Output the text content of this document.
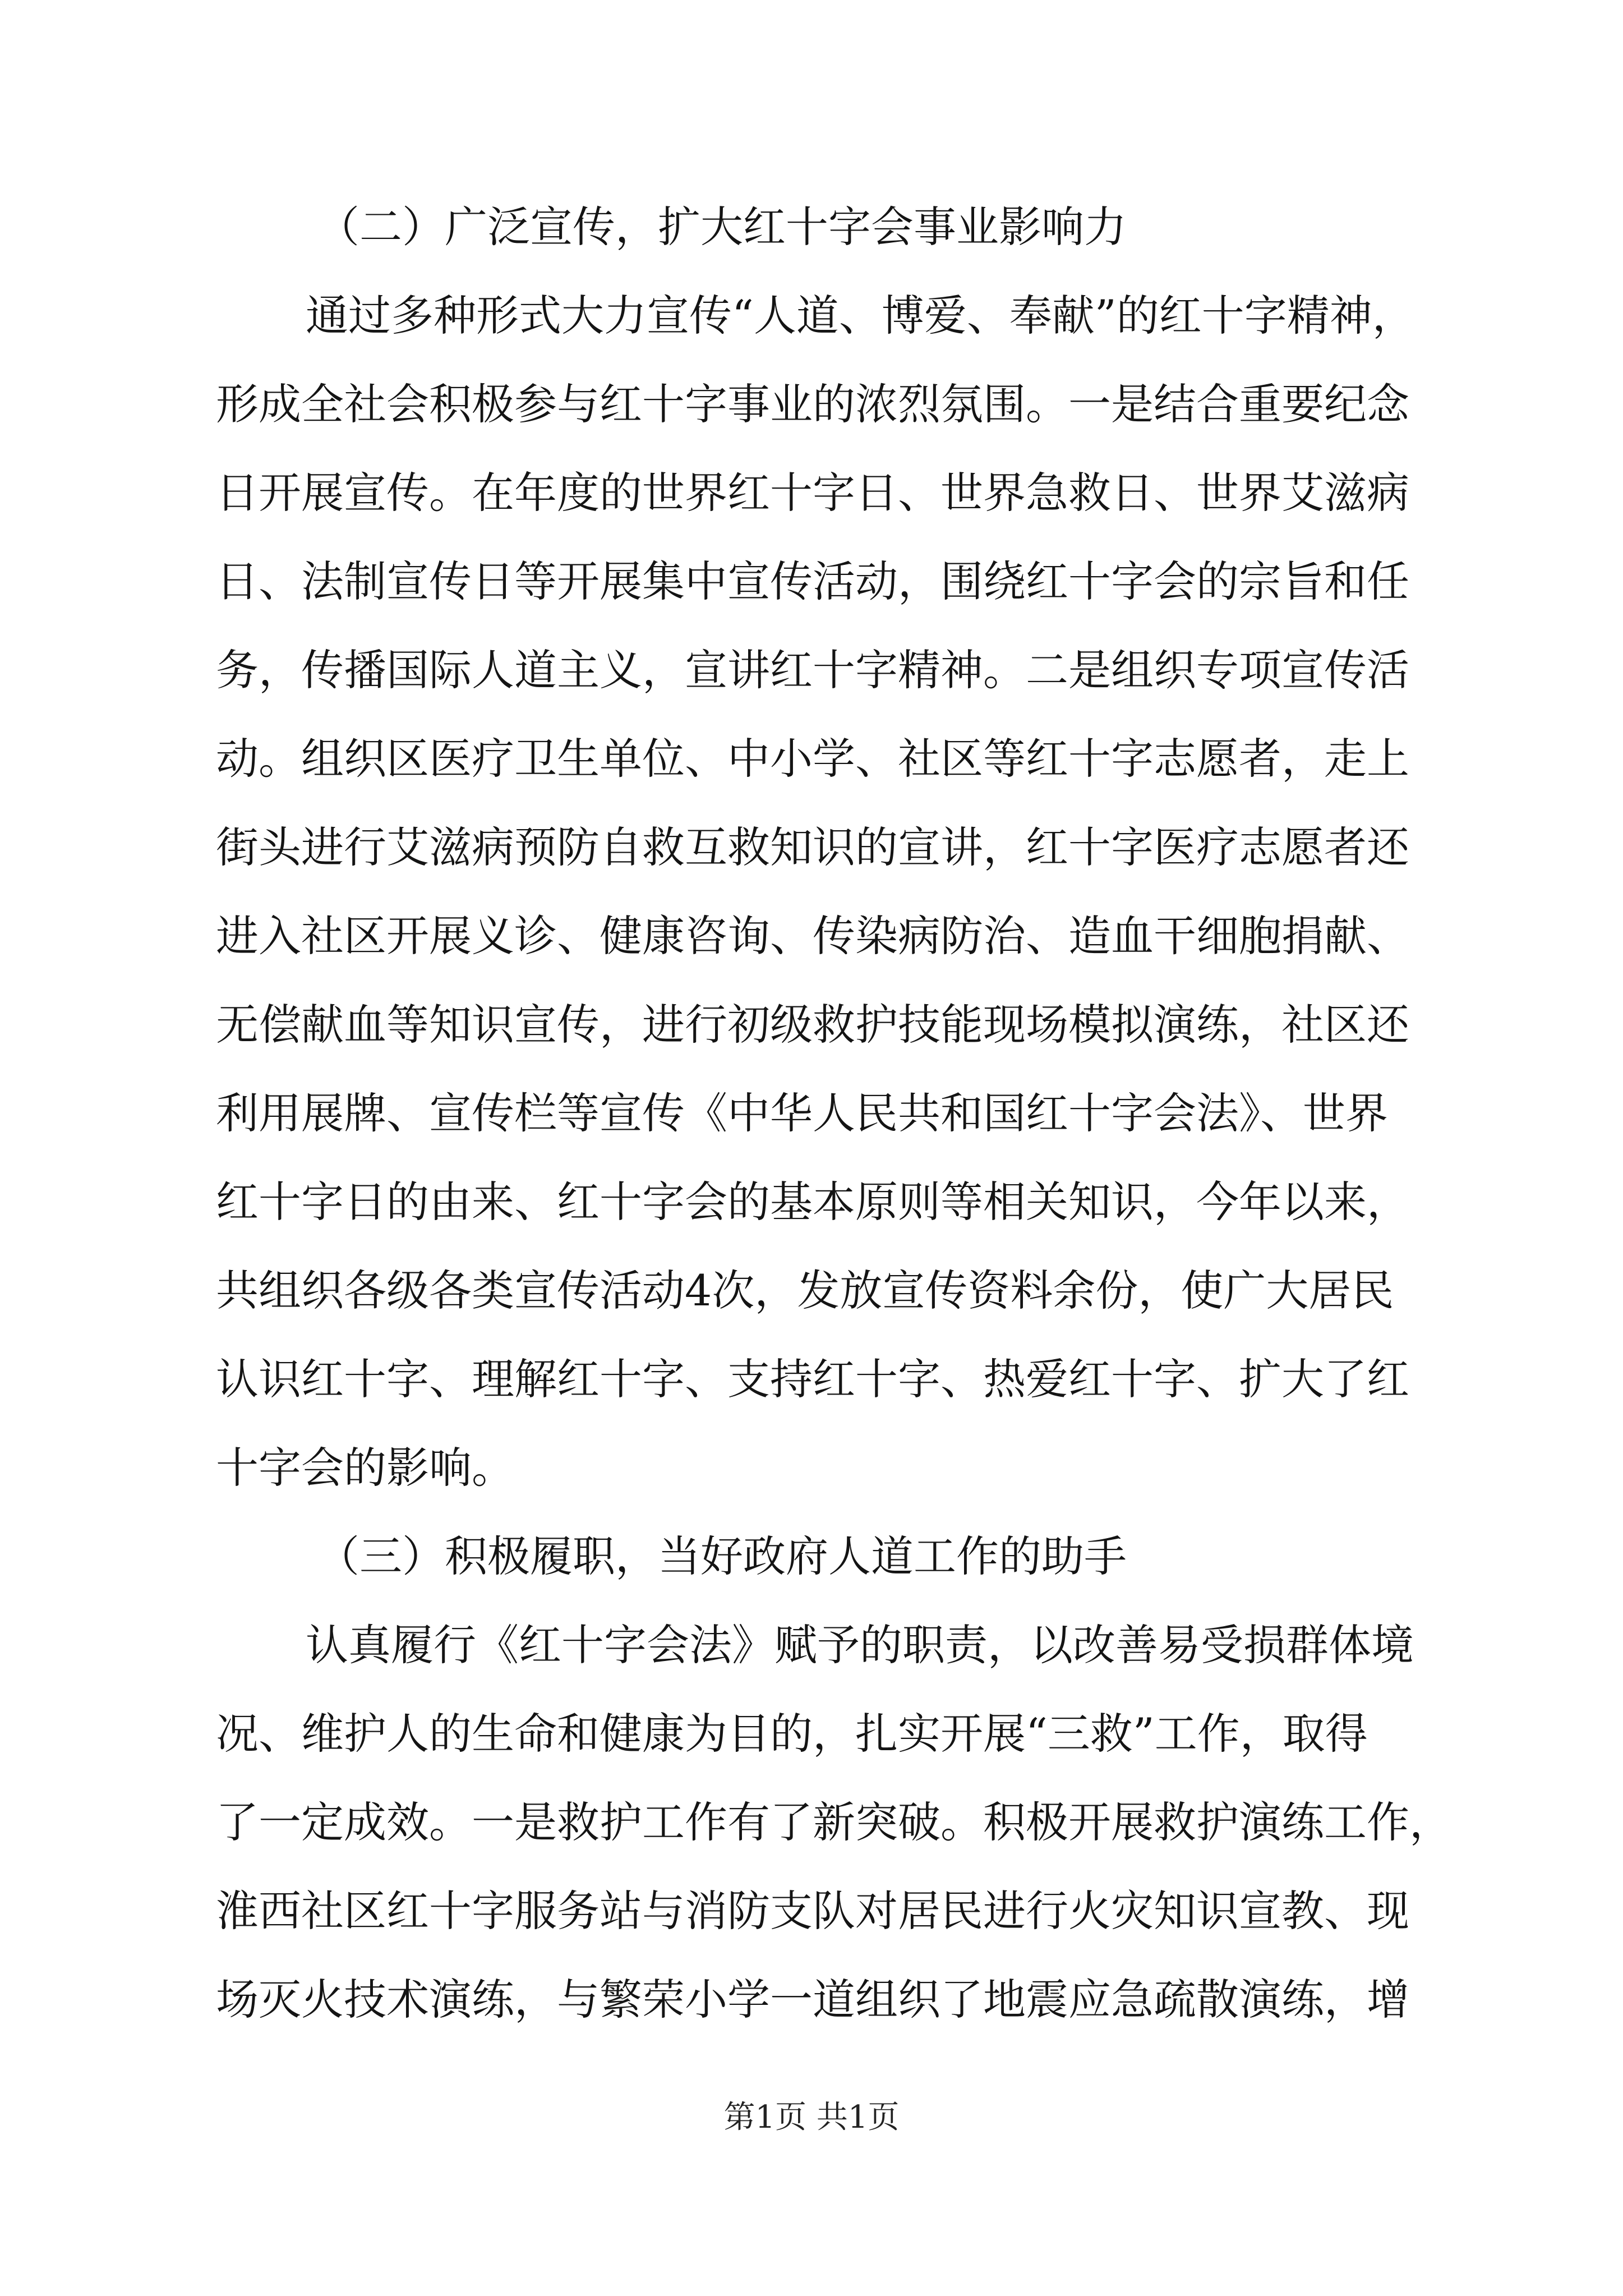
（二）广泛宣传，扩大红十字会事业影响力
通过多种形式大力宣传“人道、博爱、奉献”的红十字精神，
形成全社会积极参与红十字事业的浓烈氛围。一是结合重要纪念
日开展宣传。在年度的世界红十字日、世界急救日、世界艾滋病
日、法制宣传日等开展集中宣传活动，围绕红十字会的宗旨和任
务，传播国际人道主义，宣讲红十字精神。二是组织专项宣传活
动。组织区医疗卫生单位、中小学、社区等红十字志愿者，走上
街头进行艾滋病预防自救互救知识的宣讲，红十字医疗志愿者还
进入社区开展义诊、健康咨询、传染病防治、造血干细胞捐献、
无偿献血等知识宣传，进行初级救护技能现场模拟演练，社区还
利用展牌、宣传栏等宣传《中华人民共和国红十字会法》、世界
红十字日的由来、红十字会的基本原则等相关知识，今年以来，
共组织各级各类宣传活动4次，发放宣传资料余份，使广大居民
认识红十字、理解红十字、支持红十字、热爱红十字、扩大了红
十字会的影响。
（三）积极履职，当好政府人道工作的助手
认真履行《红十字会法》赋予的职责，以改善易受损群体境
况、维护人的生命和健康为目的，扎实开展“三救”工作，取得
了一定成效。一是救护工作有了新突破。积极开展救护演练工作，
淮西社区红十字服务站与消防支队对居民进行火灾知识宣教、现
场灭火技术演练，与繁荣小学一道组织了地震应急疏散演练，增
第1页 共1页
